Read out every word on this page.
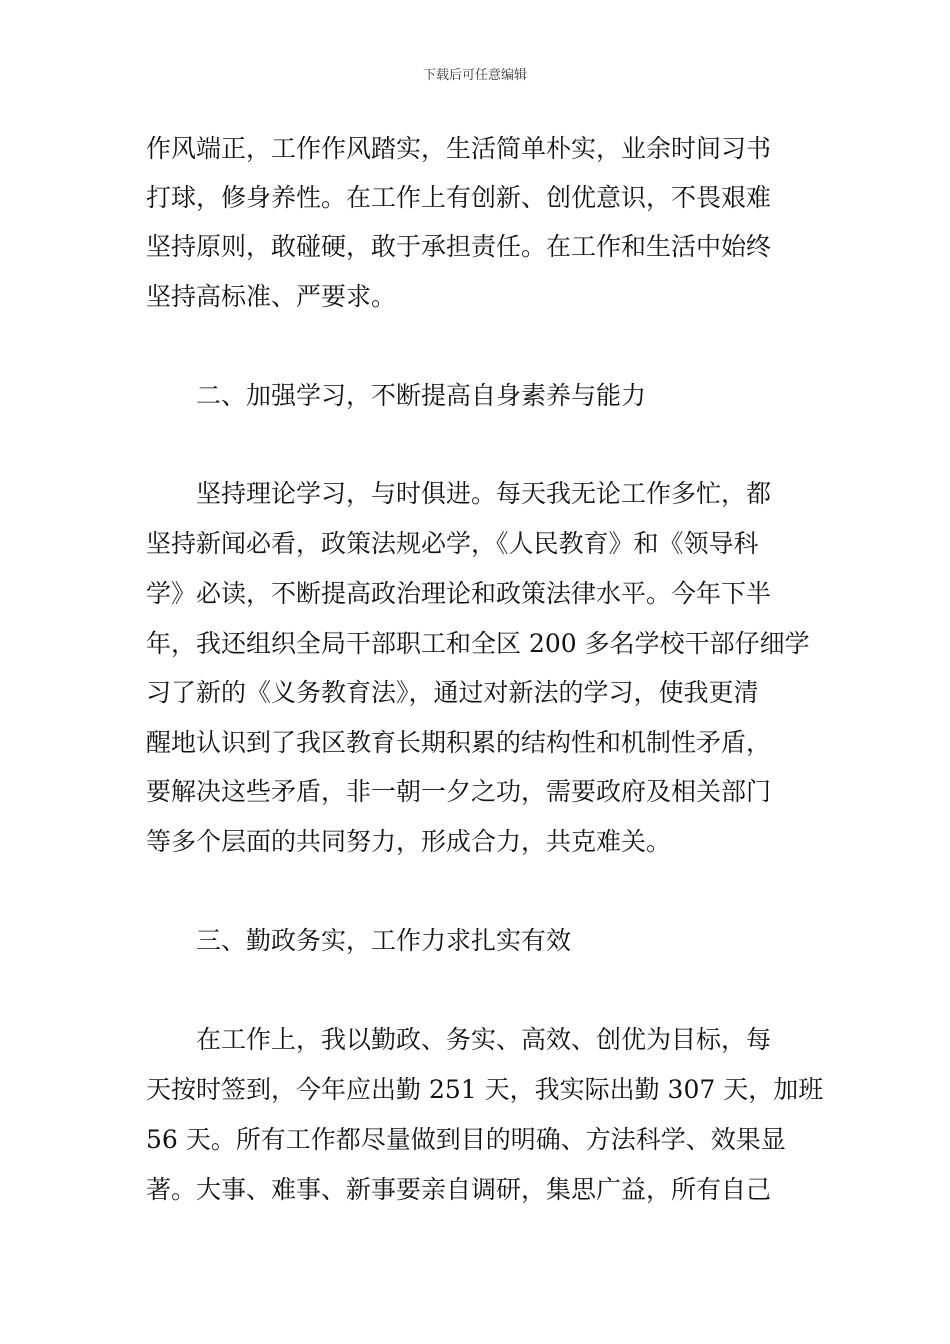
下载后可任意编辑
作风端正，工作作风踏实，生活简单朴实，业余时间习书
打球，修身养性。在工作上有创新、创优意识，不畏艰难
坚持原则，敢碰硬，敢于承担责任。在工作和生活中始终
坚持高标准、严要求。
二、加强学习，不断提高自身素养与能力
坚持理论学习，与时俱进。每天我无论工作多忙，都
坚持新闻必看，政策法规必学，《人民教育》和《领导科
学》必读，不断提高政治理论和政策法律水平。今年下半
年，我还组织全局干部职工和全区 200 多名学校干部仔细学
习了新的《义务教育法》，通过对新法的学习，使我更清
醒地认识到了我区教育长期积累的结构性和机制性矛盾，
要解决这些矛盾，非一朝一夕之功，需要政府及相关部门
等多个层面的共同努力，形成合力，共克难关。
三、勤政务实，工作力求扎实有效
在工作上，我以勤政、务实、高效、创优为目标，每
天按时签到，今年应出勤 251 天，我实际出勤 307 天，加班
56 天。所有工作都尽量做到目的明确、方法科学、效果显
著。大事、难事、新事要亲自调研，集思广益，所有自己
